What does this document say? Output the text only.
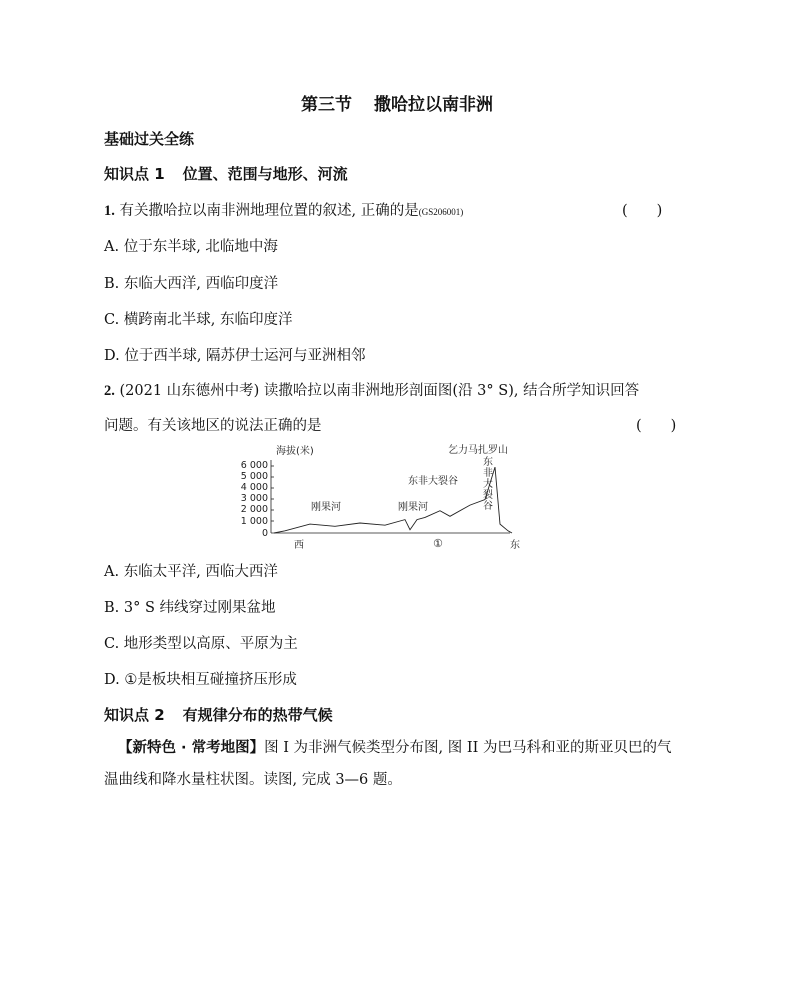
第三节 撒哈拉以南非洲
基础过关全练
知识点 1 位置、范围与地形、河流
1. 有关撒哈拉以南非洲地理位置的叙述, 正确的是(GS206001)	(　　)
A. 位于东半球, 北临地中海
B. 东临大西洋, 西临印度洋
C. 横跨南北半球, 东临印度洋
D. 位于西半球, 隔苏伊士运河与亚洲相邻
2. (2021 山东德州中考) 读撒哈拉以南非洲地形剖面图(沿 3° S), 结合所学知识回答
问题。有关该地区的说法正确的是	(　　)
海拔(米)
6 000
5 000
4 000
3 000
2 000
1 000
0
刚果河	刚果河
东非大裂谷
乞力马扎罗山
东
非
大
裂
谷
西	①	东
A. 东临太平洋, 西临大西洋
B. 3° S 纬线穿过刚果盆地
C. 地形类型以高原、平原为主
D. ①是板块相互碰撞挤压形成
知识点 2 有规律分布的热带气候
【新特色 · 常考地图】图 I 为非洲气候类型分布图, 图 II 为巴马科和亚的斯亚贝巴的气温曲线和降水量柱状图。读图, 完成 3—6 题。
